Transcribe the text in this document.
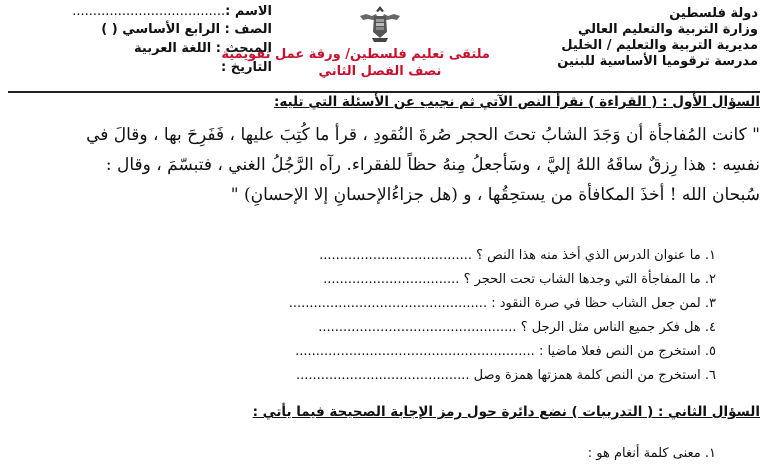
دولة فلسطين
وزارة التربية والتعليم العالي
مديرية التربية والتعليم / الخليل
مدرسة ترقوميا الأساسية للبنين
ملتقى تعليم فلسطين/ ورقة عمل تقويمية
نصف الفصل الثاني
الاسم :
.....................................
الصف : الرابع الأساسي ( )
المبحث : اللغة العربية
التاريخ :
السؤال الأول : ( القراءة ) نقرأ النص الآتي ثم نجيب عن الأسئلة التي تليه:
" كانت المُفاجأة أن وَجَدَ الشابُ تحتَ الحجر صُرةَ النُقودِ ، قرأ ما كُتِبَ عليها ، فَفَرِحَ بها ، وقالَ في
نفسِه : هذا رِزقٌ ساقَهُ اللهُ إليَّ ، وسَأجعلُ مِنهُ حظاً للفقراء. رآه الرَّجُلُ الغني ، فتبسّمَ ، وقال :
سُبحان الله ! أخذَ المكافأة من يستحِقُها ، و (هل جزاءُالإحسانِ إلا الإحسانِ) "
١. ما عنوان الدرس الذي أخذ منه هذا النص ؟ .....................................
٢. ما المفاجأة التي وجدها الشاب تحت الحجر ؟ .................................
٣. لمن جعل الشاب حظا في صرة النقود : ................................................
٤. هل فكر جميع الناس مثل الرجل ؟ ................................................
٥. استخرج من النص فعلا ماضيا : ..........................................................
٦. استخرج من النص كلمة همزتها همزة وصل ..........................................
السؤال الثاني : ( التدريبات ) نضع دائرة حول رمز الإجابة الصحيحة فيما يأتي :
١. معنى كلمة أنغام هو :
